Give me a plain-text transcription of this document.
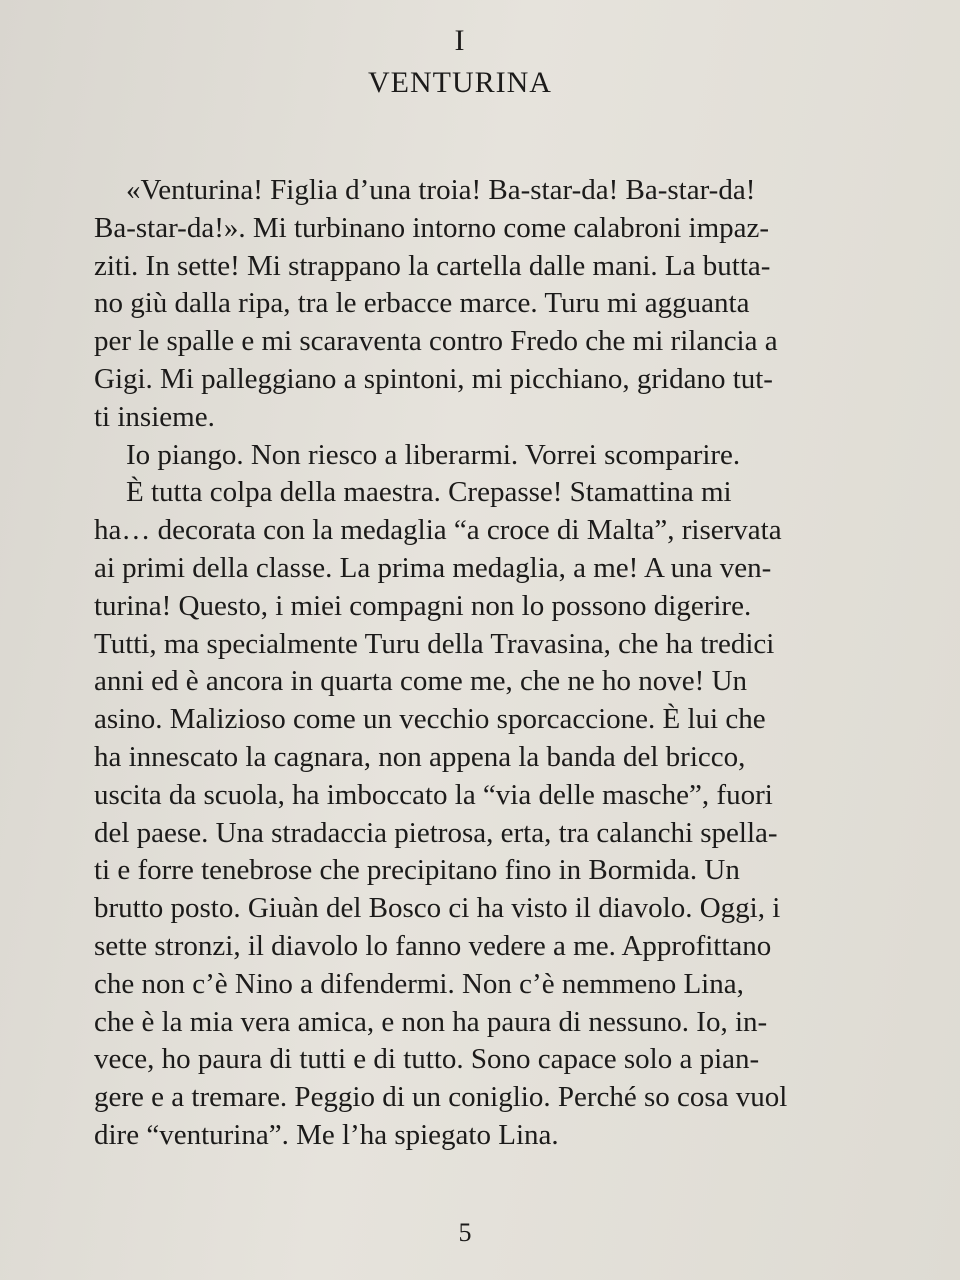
I
VENTURINA
«Venturina! Figlia d’una troia! Ba-star-da! Ba-star-da!
Ba-star-da!». Mi turbinano intorno come calabroni impaz-
ziti. In sette! Mi strappano la cartella dalle mani. La butta-
no giù dalla ripa, tra le erbacce marce. Turu mi agguanta
per le spalle e mi scaraventa contro Fredo che mi rilancia a
Gigi. Mi palleggiano a spintoni, mi picchiano, gridano tut-
ti insieme.
Io piango. Non riesco a liberarmi. Vorrei scomparire.
È tutta colpa della maestra. Crepasse! Stamattina mi
ha… decorata con la medaglia “a croce di Malta”, riservata
ai primi della classe. La prima medaglia, a me! A una ven-
turina! Questo, i miei compagni non lo possono digerire.
Tutti, ma specialmente Turu della Travasina, che ha tredici
anni ed è ancora in quarta come me, che ne ho nove! Un
asino. Malizioso come un vecchio sporcaccione. È lui che
ha innescato la cagnara, non appena la banda del bricco,
uscita da scuola, ha imboccato la “via delle masche”, fuori
del paese. Una stradaccia pietrosa, erta, tra calanchi spella-
ti e forre tenebrose che precipitano fino in Bormida. Un
brutto posto. Giuàn del Bosco ci ha visto il diavolo. Oggi, i
sette stronzi, il diavolo lo fanno vedere a me. Approfittano
che non c’è Nino a difendermi. Non c’è nemmeno Lina,
che è la mia vera amica, e non ha paura di nessuno. Io, in-
vece, ho paura di tutti e di tutto. Sono capace solo a pian-
gere e a tremare. Peggio di un coniglio. Perché so cosa vuol
dire “venturina”. Me l’ha spiegato Lina.
5
